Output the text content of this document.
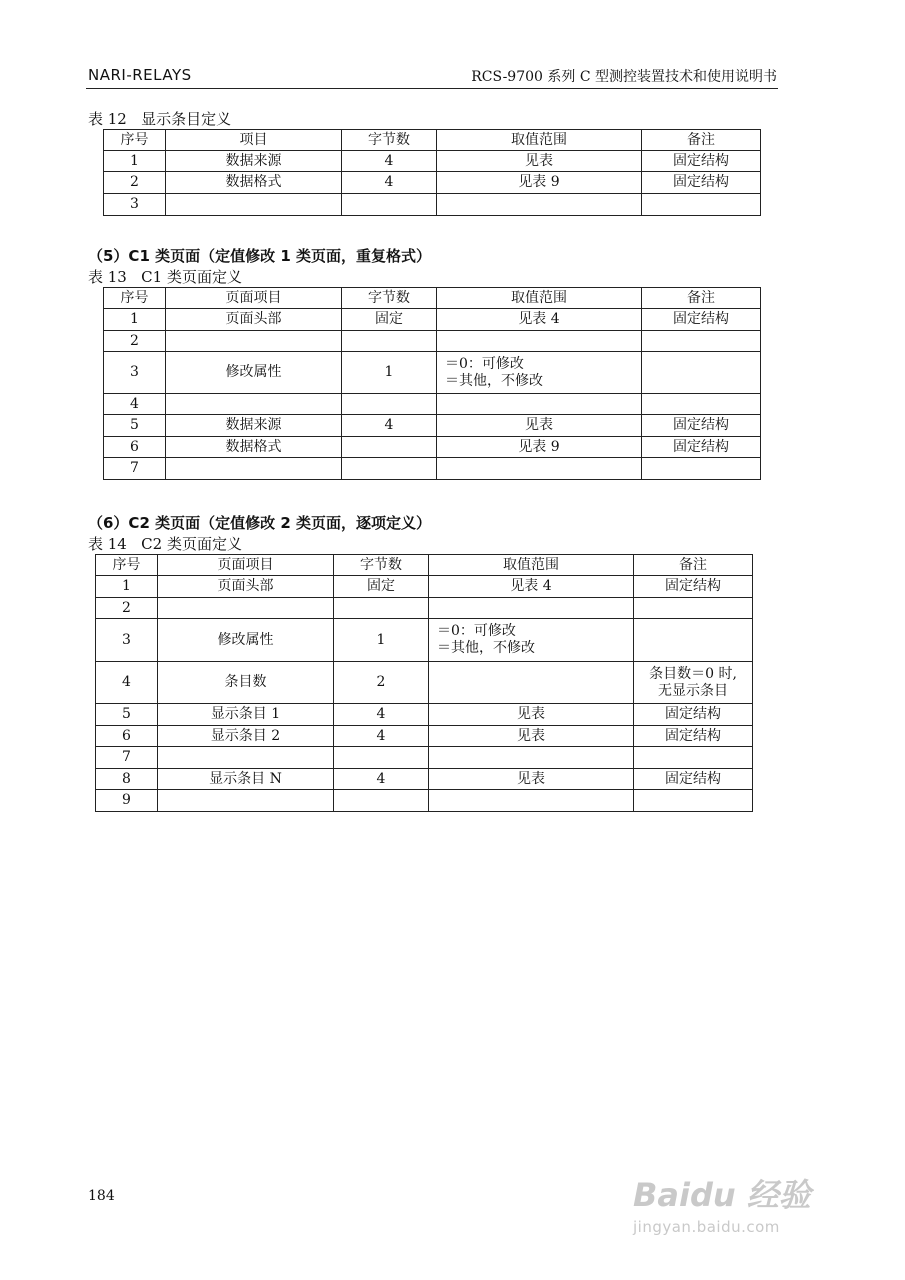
NARI-RELAYS	RCS-9700 系列 C 型测控装置技术和使用说明书
表 12   显示条目定义
序号	项目	字节数	取值范围	备注
1	数据来源	4	见表	固定结构
2	数据格式	4	见表 9	固定结构
3				
（5）C1 类页面（定值修改 1 类页面，重复格式）
表 13   C1 类页面定义
序号	页面项目	字节数	取值范围	备注
1	页面头部	固定	见表 4	固定结构
2				
3	修改属性	1	＝0：可修改
＝其他，不修改	

4				
5	数据来源	4	见表	固定结构
6	数据格式		见表 9	固定结构
7				
（6）C2 类页面（定值修改 2 类页面，逐项定义）
表 14   C2 类页面定义
序号	页面项目	字节数	取值范围	备注
1	页面头部	固定	见表 4	固定结构
2				
3	修改属性	1	＝0：可修改
＝其他，不修改	

4	条目数	2		条目数＝0 时,
无显示条目

5	显示条目 1	4	见表	固定结构
6	显示条目 2	4	见表	固定结构
7				
8	显示条目 N	4	见表	固定结构
9				
184	Baidu 经验
jingyan.baidu.com
